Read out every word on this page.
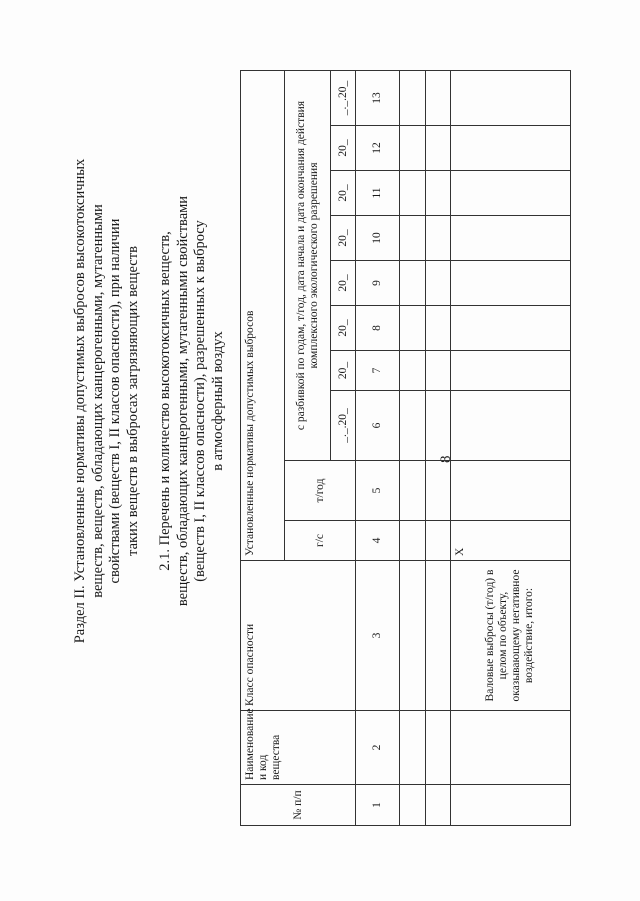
8
Раздел II. Установленные нормативы допустимых выбросов высокотоксичных веществ, веществ, обладающих канцерогенными, мутагенными свойствами (веществ I, II классов опасности), при наличии таких веществ в выбросах загрязняющих веществ 2.1. Перечень и количество высокотоксичных веществ, веществ, обладающих канцерогенными, мутагенными свойствами (веществ I, II классов опасности), разрешенных к выбросу в атмосферный воздух
№ п/п	Наименование и код вещества	Класс опасности	Установленные нормативы допустимых выбросов									
			г/с	т/год	с разбивкой по годам, т/год, дата начала и дата окончания действия комплексного экологического разрешения							
					_._.20_	20_	20_	20_	20_	20_	20_	_._.20_
1	2	3	4	5	6	7	8	9	10	11	12	13

		Валовые выбросы (т/год) в целом по объекту, оказывающему негативное воздействие, итого:	X									
